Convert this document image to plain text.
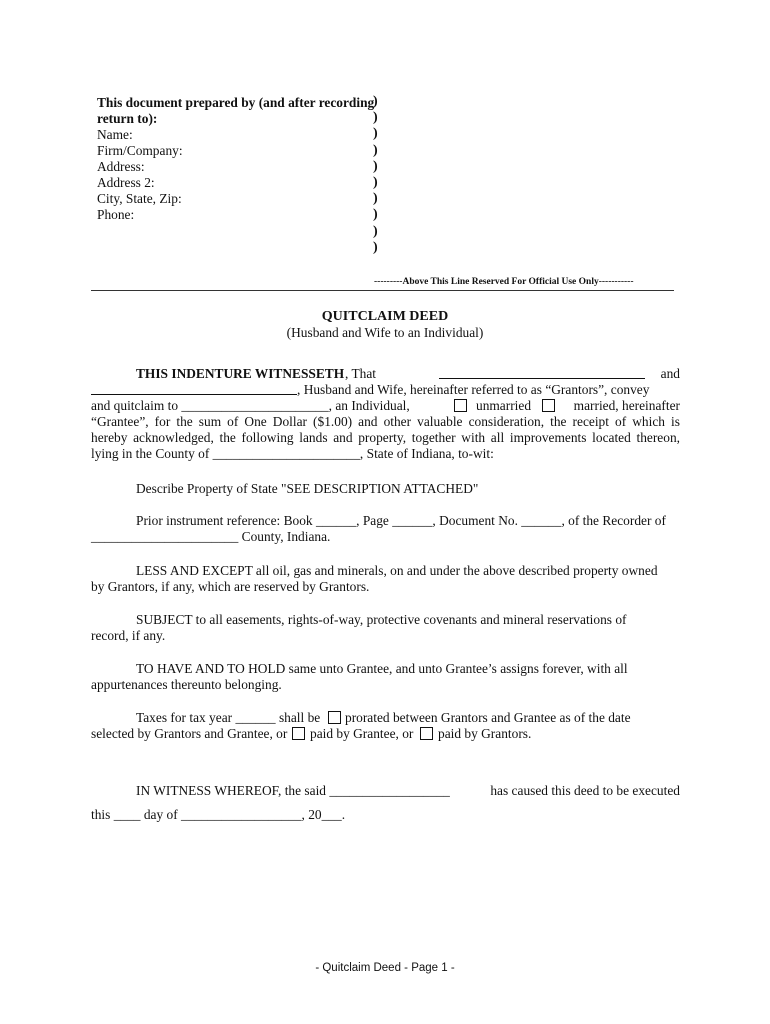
This document prepared by (and after recording
return to):
Name:
Firm/Company:
Address:
Address 2:
City, State, Zip:
Phone:
)
)
)
)
)
)
)
)
)
)
---------Above This Line Reserved For Official Use Only-----------
QUITCLAIM DEED
(Husband and Wife to an Individual)
THIS INDENTURE WITNESSETH , That	and
, Husband and Wife, hereinafter referred to as “Grantors”, convey
and quitclaim to ______________________, an Individual,	unmarried	married, hereinafter
“Grantee”, for the sum of One Dollar ($1.00) and other valuable consideration, the receipt of which is
hereby acknowledged, the following lands and property, together with all improvements located thereon,
lying in the County of ______________________, State of Indiana, to-wit:
Describe Property of State "SEE DESCRIPTION ATTACHED"
Prior instrument reference: Book ______, Page ______, Document No. ______, of the Recorder of
______________________ County, Indiana.
LESS AND EXCEPT all oil, gas and minerals, on and under the above described property owned
by Grantors, if any, which are reserved by Grantors.
SUBJECT to all easements, rights-of-way, protective covenants and mineral reservations of
record, if any.
TO HAVE AND TO HOLD same unto Grantee, and unto Grantee’s assigns forever, with all
appurtenances thereunto belonging.
Taxes for tax year ______ shall be prorated between Grantors and Grantee as of the date
selected by Grantors and Grantee, or paid by Grantee, or paid by Grantors.
IN WITNESS WHEREOF, the said __________________	has caused this deed to be executed
this ____ day of __________________, 20___.
- Quitclaim Deed - Page 1 -
